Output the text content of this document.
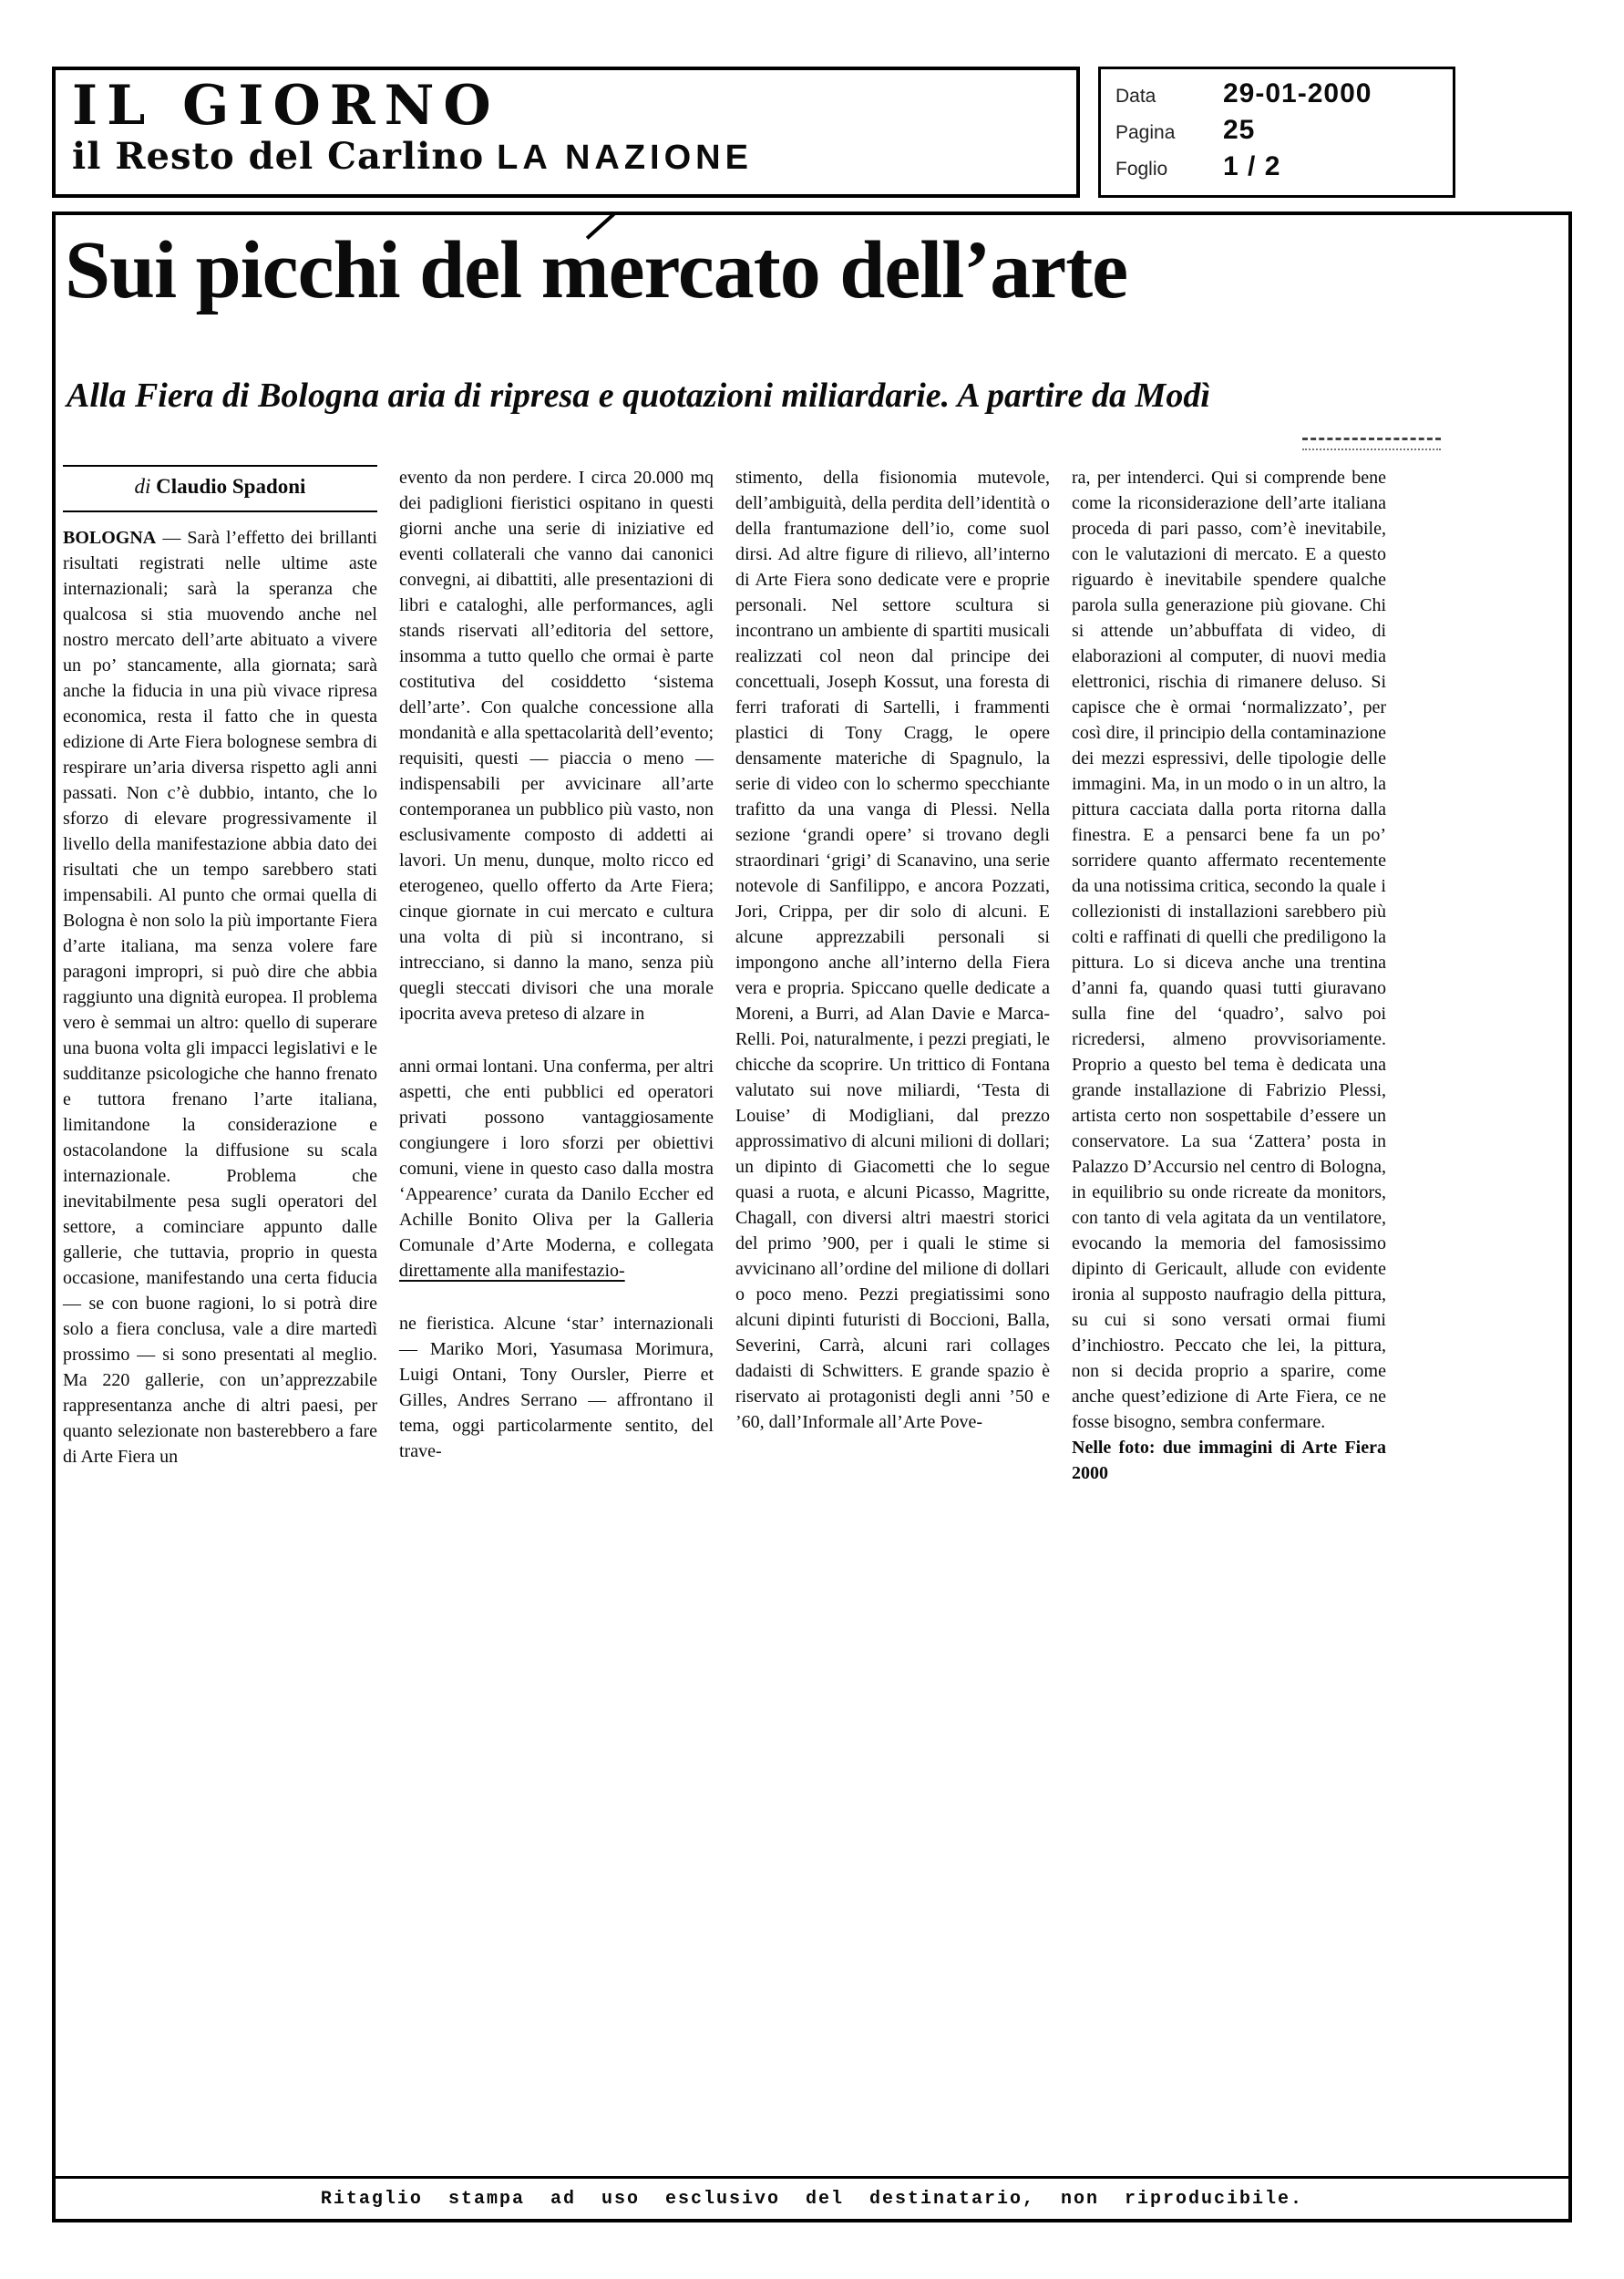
IL GIORNO
il Resto del Carlino LA NAZIONE
Data	29-01-2000
Pagina	25
Foglio	1 / 2
Sui picchi del mercato dell’arte
Alla Fiera di Bologna aria di ripresa e quotazioni miliardarie. A partire da Modì
di Claudio Spadoni

BOLOGNA — Sarà l’effetto dei brillanti risultati registrati nelle ultime aste internazionali; sarà la speranza che qualcosa si stia muovendo anche nel nostro mercato dell’arte abituato a vivere un po’ stancamente, alla giornata; sarà anche la fiducia in una più vivace ripresa economica, resta il fatto che in questa edizione di Arte Fiera bolognese sembra di respirare un’aria diversa rispetto agli anni passati. Non c’è dubbio, intanto, che lo sforzo di elevare progressivamente il livello della manifestazione abbia dato dei risultati che un tempo sarebbero stati impensabili. Al punto che ormai quella di Bologna è non solo la più importante Fiera d’arte italiana, ma senza volere fare paragoni impropri, si può dire che abbia raggiunto una dignità europea. Il problema vero è semmai un altro: quello di superare una buona volta gli impacci legislativi e le sudditanze psicologiche che hanno frenato e tuttora frenano l’arte italiana, limitandone la considerazione e ostacolandone la diffusione su scala internazionale. Problema che inevitabilmente pesa sugli operatori del settore, a cominciare appunto dalle gallerie, che tuttavia, proprio in questa occasione, manifestando una certa fiducia — se con buone ragioni, lo si potrà dire solo a fiera conclusa, vale a dire martedì prossimo — si sono presentati al meglio. Ma 220 gallerie, con un’apprezzabile rappresentanza anche di altri paesi, per quanto selezionate non basterebbero a fare di Arte Fiera un

evento da non perdere. I circa 20.000 mq dei padiglioni fieristici ospitano in questi giorni anche una serie di iniziative ed eventi collaterali che vanno dai canonici convegni, ai dibattiti, alle presentazioni di libri e cataloghi, alle performances, agli stands riservati all’editoria del settore, insomma a tutto quello che ormai è parte costitutiva del cosiddetto ‘sistema dell’arte’. Con qualche concessione alla mondanità e alla spettacolarità dell’evento; requisiti, questi — piaccia o meno — indispensabili per avvicinare all’arte contemporanea un pubblico più vasto, non esclusivamente composto di addetti ai lavori. Un menu, dunque, molto ricco ed eterogeneo, quello offerto da Arte Fiera; cinque giornate in cui mercato e cultura una volta di più si incontrano, si intrecciano, si danno la mano, senza più quegli steccati divisori che una morale ipocrita aveva preteso di alzare in

anni ormai lontani. Una conferma, per altri aspetti, che enti pubblici ed operatori privati possono vantaggiosamente congiungere i loro sforzi per obiettivi comuni, viene in questo caso dalla mostra ‘Appearence’ curata da Danilo Eccher ed Achille Bonito Oliva per la Galleria Comunale d’Arte Moderna, e collegata direttamente alla manifestazio-

ne fieristica. Alcune ‘star’ internazionali — Mariko Mori, Yasumasa Morimura, Luigi Ontani, Tony Oursler, Pierre et Gilles, Andres Serrano — affrontano il tema, oggi particolarmente sentito, del trave-

stimento, della fisionomia mutevole, dell’ambiguità, della perdita dell’identità o della frantumazione dell’io, come suol dirsi. Ad altre figure di rilievo, all’interno di Arte Fiera sono dedicate vere e proprie personali. Nel settore scultura si incontrano un ambiente di spartiti musicali realizzati col neon dal principe dei concettuali, Joseph Kossut, una foresta di ferri traforati di Sartelli, i frammenti plastici di Tony Cragg, le opere densamente materiche di Spagnulo, la serie di video con lo schermo specchiante trafitto da una vanga di Plessi. Nella sezione ‘grandi opere’ si trovano degli straordinari ‘grigi’ di Scanavino, una serie notevole di Sanfilippo, e ancora Pozzati, Jori, Crippa, per dir solo di alcuni. E alcune apprezzabili personali si impongono anche all’interno della Fiera vera e propria. Spiccano quelle dedicate a Moreni, a Burri, ad Alan Davie e Marca-Relli. Poi, naturalmente, i pezzi pregiati, le chicche da scoprire. Un trittico di Fontana valutato sui nove miliardi, ‘Testa di Louise’ di Modigliani, dal prezzo approssimativo di alcuni milioni di dollari; un dipinto di Giacometti che lo segue quasi a ruota, e alcuni Picasso, Magritte, Chagall, con diversi altri maestri storici del primo ’900, per i quali le stime si avvicinano all’ordine del milione di dollari o poco meno. Pezzi pregiatissimi sono alcuni dipinti futuristi di Boccioni, Balla, Severini, Carrà, alcuni rari collages dadaisti di Schwitters. E grande spazio è riservato ai protagonisti degli anni ’50 e ’60, dall’Informale all’Arte Pove-

ra, per intenderci. Qui si comprende bene come la riconsiderazione dell’arte italiana proceda di pari passo, com’è inevitabile, con le valutazioni di mercato. E a questo riguardo è inevitabile spendere qualche parola sulla generazione più giovane. Chi si attende un’abbuffata di video, di elaborazioni al computer, di nuovi media elettronici, rischia di rimanere deluso. Si capisce che è ormai ‘normalizzato’, per così dire, il principio della contaminazione dei mezzi espressivi, delle tipologie delle immagini. Ma, in un modo o in un altro, la pittura cacciata dalla porta ritorna dalla finestra. E a pensarci bene fa un po’ sorridere quanto affermato recentemente da una notissima critica, secondo la quale i collezionisti di installazioni sarebbero più colti e raffinati di quelli che prediligono la pittura. Lo si diceva anche una trentina d’anni fa, quando quasi tutti giuravano sulla fine del ‘quadro’, salvo poi ricredersi, almeno provvisoriamente. Proprio a questo bel tema è dedicata una grande installazione di Fabrizio Plessi, artista certo non sospettabile d’essere un conservatore. La sua ‘Zattera’ posta in Palazzo D’Accursio nel centro di Bologna, in equilibrio su onde ricreate da monitors, con tanto di vela agitata da un ventilatore, evocando la memoria del famosissimo dipinto di Gericault, allude con evidente ironia al supposto naufragio della pittura, su cui si sono versati ormai fiumi d’inchiostro. Peccato che lei, la pittura, non si decida proprio a sparire, come anche quest’edizione di Arte Fiera, ce ne fosse bisogno, sembra confermare.

Nelle foto: due immagini di Arte Fiera 2000

Ritaglio stampa ad uso esclusivo del destinatario, non riproducibile.
